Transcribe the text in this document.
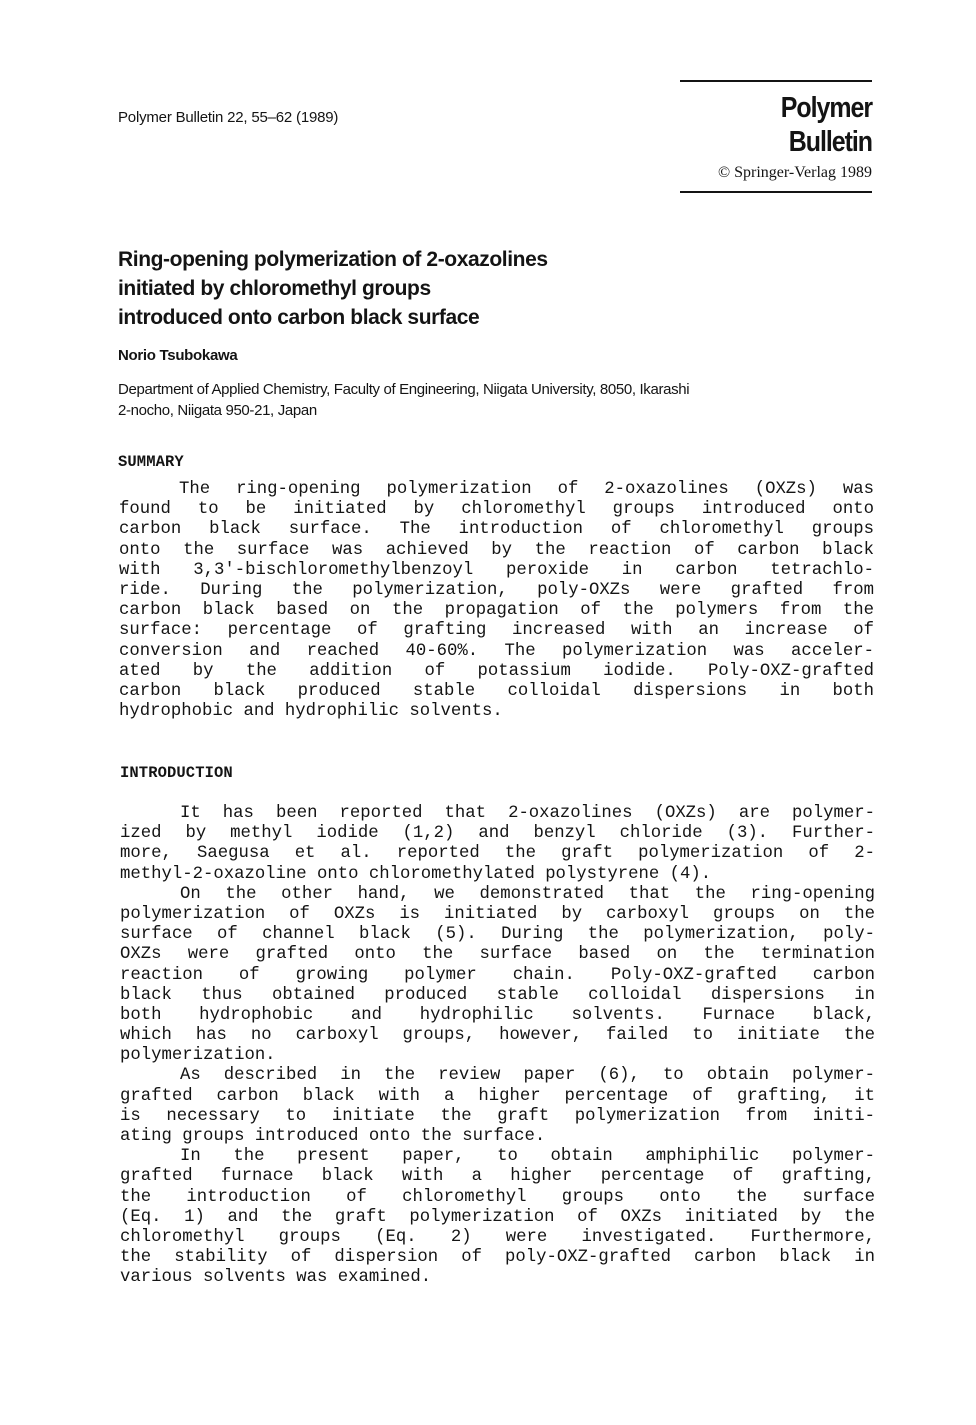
Polymer Bulletin 22, 55–62 (1989)	Polymer Bulletin
© Springer-Verlag 1989
Ring-opening polymerization of 2-oxazolines
initiated by chloromethyl groups
introduced onto carbon black surface
Norio Tsubokawa
Department of Applied Chemistry, Faculty of Engineering, Niigata University, 8050, Ikarashi
2-nocho, Niigata 950-21, Japan
SUMMARY
The ring-opening polymerization of 2-oxazolines (OXZs) was
found to be initiated by chloromethyl groups introduced onto
carbon black surface. The introduction of chloromethyl groups
onto the surface was achieved by the reaction of carbon black
with 3,3'-bischloromethylbenzoyl peroxide in carbon tetrachlo-
ride. During the polymerization, poly-OXZs were grafted from
carbon black based on the propagation of the polymers from the
surface: percentage of grafting increased with an increase of
conversion and reached 40-60%. The polymerization was acceler-
ated by the addition of potassium iodide. Poly-OXZ-grafted
carbon black produced stable colloidal dispersions in both
hydrophobic and hydrophilic solvents.
INTRODUCTION
It has been reported that 2-oxazolines (OXZs) are polymer-
ized by methyl iodide (1,2) and benzyl chloride (3). Further-
more, Saegusa et al. reported the graft polymerization of 2-
methyl-2-oxazoline onto chloromethylated polystyrene (4).
On the other hand, we demonstrated that the ring-opening
polymerization of OXZs is initiated by carboxyl groups on the
surface of channel black (5). During the polymerization, poly-
OXZs were grafted onto the surface based on the termination
reaction of growing polymer chain. Poly-OXZ-grafted carbon
black thus obtained produced stable colloidal dispersions in
both hydrophobic and hydrophilic solvents. Furnace black,
which has no carboxyl groups, however, failed to initiate the
polymerization.
As described in the review paper (6), to obtain polymer-
grafted carbon black with a higher percentage of grafting, it
is necessary to initiate the graft polymerization from initi-
ating groups introduced onto the surface.
In the present paper, to obtain amphiphilic polymer-
grafted furnace black with a higher percentage of grafting,
the introduction of chloromethyl groups onto the surface
(Eq. 1) and the graft polymerization of OXZs initiated by the
chloromethyl groups (Eq. 2) were investigated. Furthermore,
the stability of dispersion of poly-OXZ-grafted carbon black in
various solvents was examined.
